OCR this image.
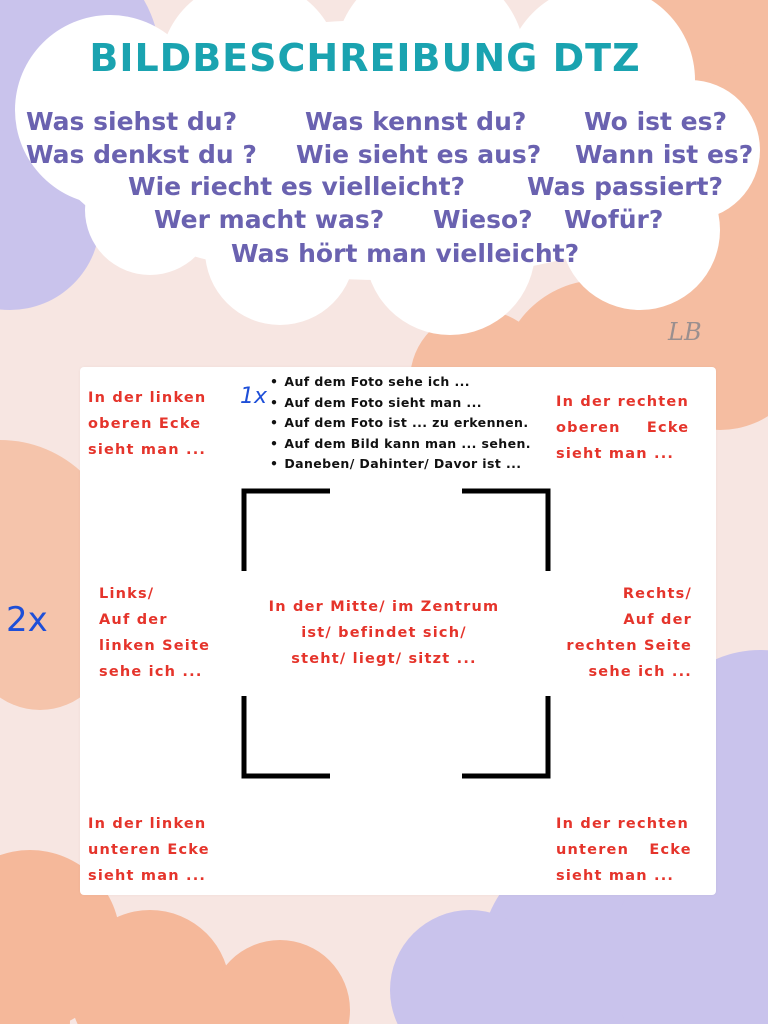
BILDBESCHREIBUNG DTZ
Was siehst du?	Was kennst du? Wo ist es?
Was denkst du ? Wie sieht es aus? Wann ist es?
Wie riecht es vielleicht? Was passiert?
Wer macht was? Wieso? Wofür?
Was hört man vielleicht?
LB
1x
2x
• Auf dem Foto sehe ich ...
• Auf dem Foto sieht man ...
• Auf dem Foto ist ... zu erkennen.
• Auf dem Bild kann man ... sehen.
• Daneben/ Dahinter/ Davor ist ...
In der linken
oberen Ecke
sieht man ...
In der rechten
oberen Ecke
sieht man ...
Links/
Auf der
linken Seite
sehe ich ...
Rechts/
Auf der
rechten Seite
sehe ich ...
In der Mitte/ im Zentrum
ist/ befindet sich/
steht/ liegt/ sitzt ...
In der linken
unteren Ecke
sieht man ...
In der rechten
unteren Ecke
sieht man ...
